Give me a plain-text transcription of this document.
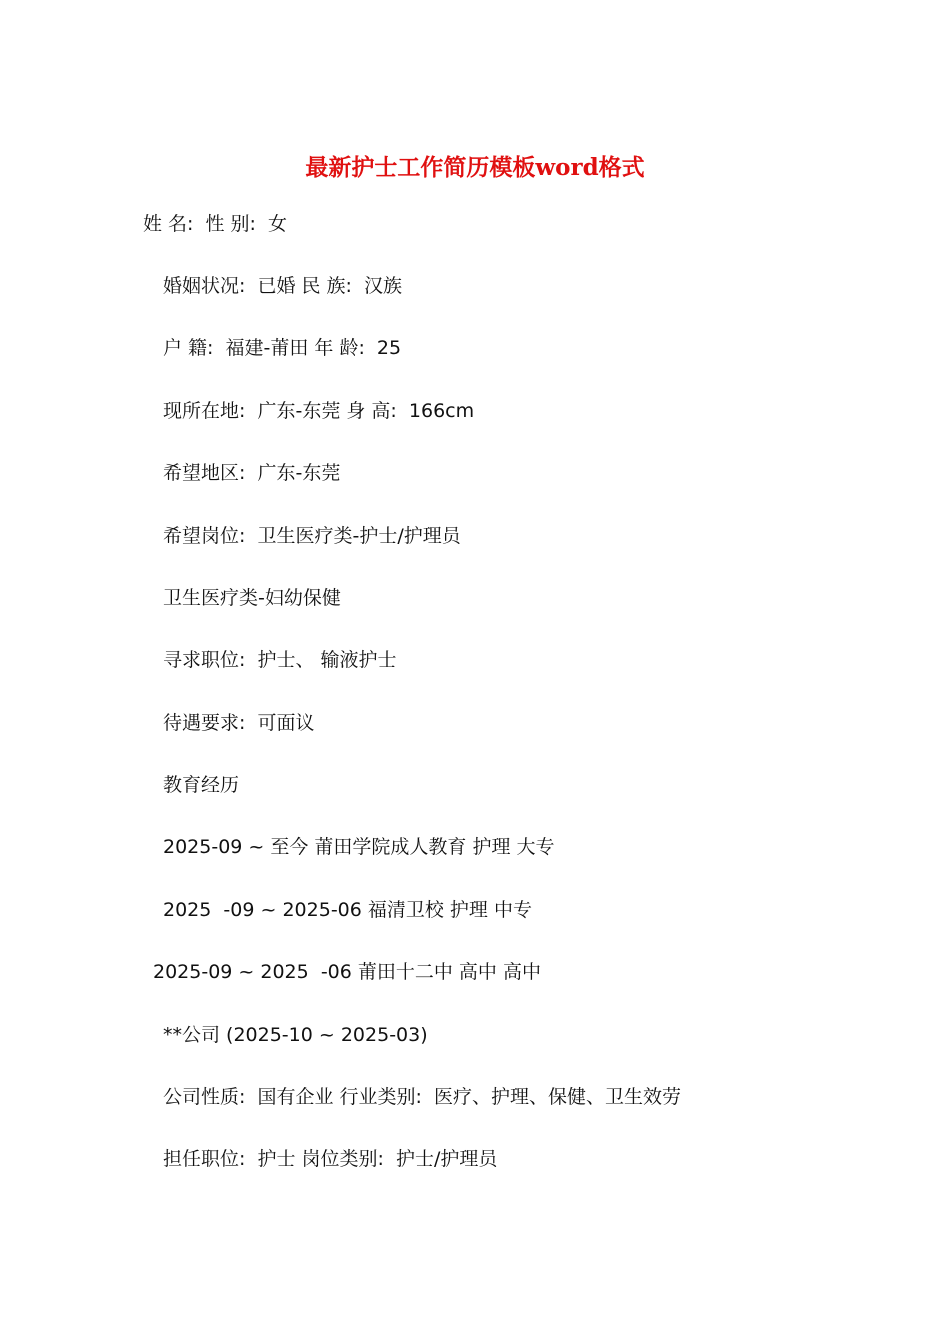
最新护士工作简历模板word格式
姓 名:  性 别:  女
婚姻状况:  已婚 民 族:  汉族
户 籍:  福建-莆田 年 龄:  25
现所在地:  广东-东莞 身 高:  166cm
希望地区:  广东-东莞
希望岗位:  卫生医疗类-护士/护理员
卫生医疗类-妇幼保健
寻求职位:  护士、 输液护士
待遇要求:  可面议
教育经历
2025-09 ~ 至今 莆田学院成人教育 护理 大专
2025  -09 ~ 2025-06 福清卫校 护理 中专
2025-09 ~ 2025  -06 莆田十二中 高中 高中
**公司 (2025-10 ~ 2025-03)
公司性质:  国有企业 行业类别:  医疗、护理、保健、卫生效劳
担任职位:  护士 岗位类别:  护士/护理员
